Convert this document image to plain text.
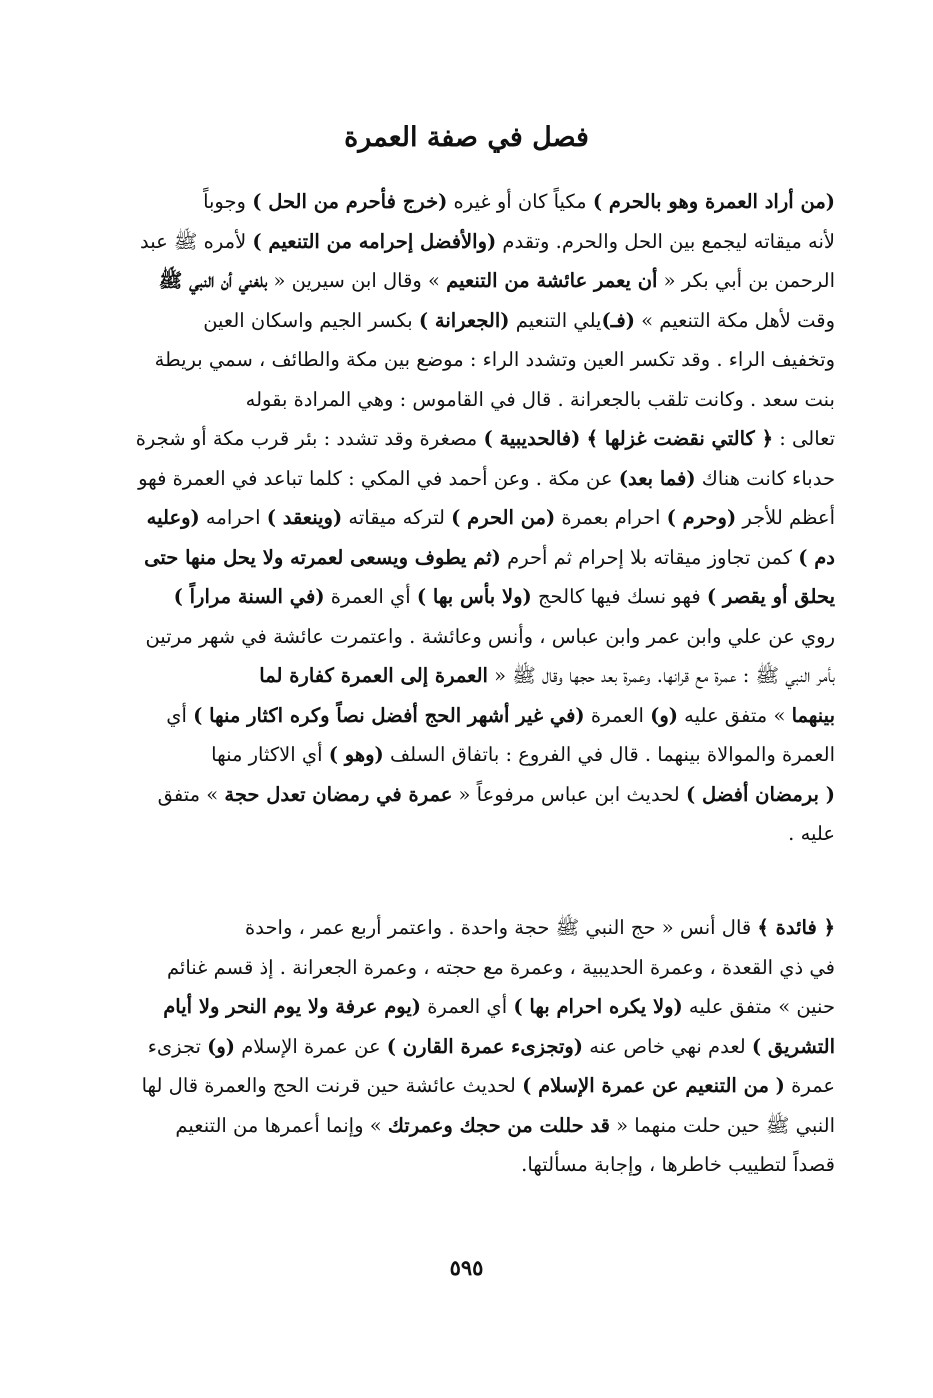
فصل في صفة العمرة
(من أراد العمرة وهو بالحرم ) مكياً كان أو غيره (خرج فأحرم من الحل ) وجوباً
لأنه ميقاته ليجمع بين الحل والحرم. وتقدم (والأفضل إحرامه من التنعيم ) لأمره ﷺ عبد
الرحمن بن أبي بكر « أن يعمر عائشة من التنعيم » وقال ابن سيرين « بلغني أن النبي ﷺ
وقت لأهل مكة التنعيم » (فـ)يلي التنعيم (الجعرانة ) بكسر الجيم واسكان العين
وتخفيف الراء . وقد تكسر العين وتشدد الراء : موضع بين مكة والطائف ، سمي بريطة
بنت سعد . وكانت تلقب بالجعرانة . قال في القاموس : وهي المرادة بقوله
تعالى : ﴿ كالتي نقضت غزلها ﴾ (فالحديبية ) مصغرة وقد تشدد : بئر قرب مكة أو شجرة
حدباء كانت هناك (فما بعد) عن مكة . وعن أحمد في المكي : كلما تباعد في العمرة فهو
أعظم للأجر (وحرم ) احرام بعمرة (من الحرم ) لتركه ميقاته (وينعقد ) احرامه (وعليه
دم ) كمن تجاوز ميقاته بلا إحرام ثم أحرم (ثم يطوف ويسعى لعمرته ولا يحل منها حتى
يحلق أو يقصر ) فهو نسك فيها كالحج (ولا بأس بها ) أي العمرة (في السنة مراراً )
روي عن علي وابن عمر وابن عباس ، وأنس وعائشة . واعتمرت عائشة في شهر مرتين
بأمر النبي ﷺ : عمرة مع قرانها. وعمرة بعد حجها وقال ﷺ « العمرة إلى العمرة كفارة لما
بينهما » متفق عليه (و) العمرة (في غير أشهر الحج أفضل نصاً وكره اكثار منها ) أي
العمرة والموالاة بينهما . قال في الفروع : باتفاق السلف (وهو ) أي الاكثار منها
( برمضان أفضل ) لحديث ابن عباس مرفوعاً « عمرة في رمضان تعدل حجة » متفق
عليه .
﴿ فائدة ﴾ قال أنس « حج النبي ﷺ حجة واحدة . واعتمر أربع عمر ، واحدة
في ذي القعدة ، وعمرة الحديبية ، وعمرة مع حجته ، وعمرة الجعرانة . إذ قسم غنائم
حنين » متفق عليه (ولا يكره احرام بها ) أي العمرة (يوم عرفة ولا يوم النحر ولا أيام
التشريق ) لعدم نهي خاص عنه (وتجزىء عمرة القارن ) عن عمرة الإسلام (و) تجزىء
عمرة ( من التنعيم عن عمرة الإسلام ) لحديث عائشة حين قرنت الحج والعمرة قال لها
النبي ﷺ حين حلت منهما « قد حللت من حجك وعمرتك » وإنما أعمرها من التنعيم
قصداً لتطييب خاطرها ، وإجابة مسألتها.
٥٩٥
